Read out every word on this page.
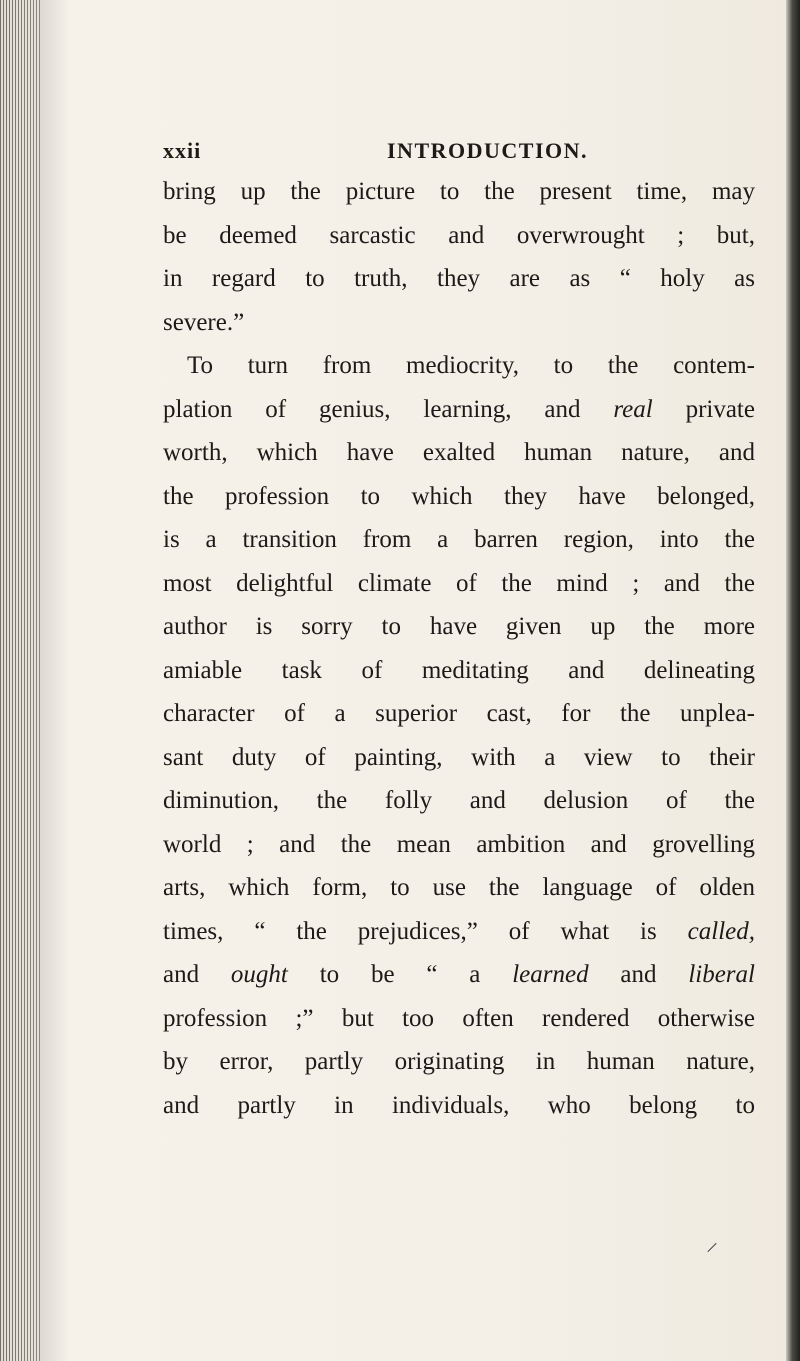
xxii	INTRODUCTION.
bring up the picture to the present time, may
be deemed sarcastic and overwrought ; but,
in regard to truth, they are as “ holy as
severe.”
To turn from mediocrity, to the contem-
plation of genius, learning, and real private
worth, which have exalted human nature, and
the profession to which they have belonged,
is a transition from a barren region, into the
most delightful climate of the mind ; and the
author is sorry to have given up the more
amiable task of meditating and delineating
character of a superior cast, for the unplea-
sant duty of painting, with a view to their
diminution, the folly and delusion of the
world ; and the mean ambition and grovelling
arts, which form, to use the language of olden
times, “ the prejudices,” of what is called,
and ought to be “ a learned and liberal
profession ;” but too often rendered otherwise
by error, partly originating in human nature,
and partly in individuals, who belong to
